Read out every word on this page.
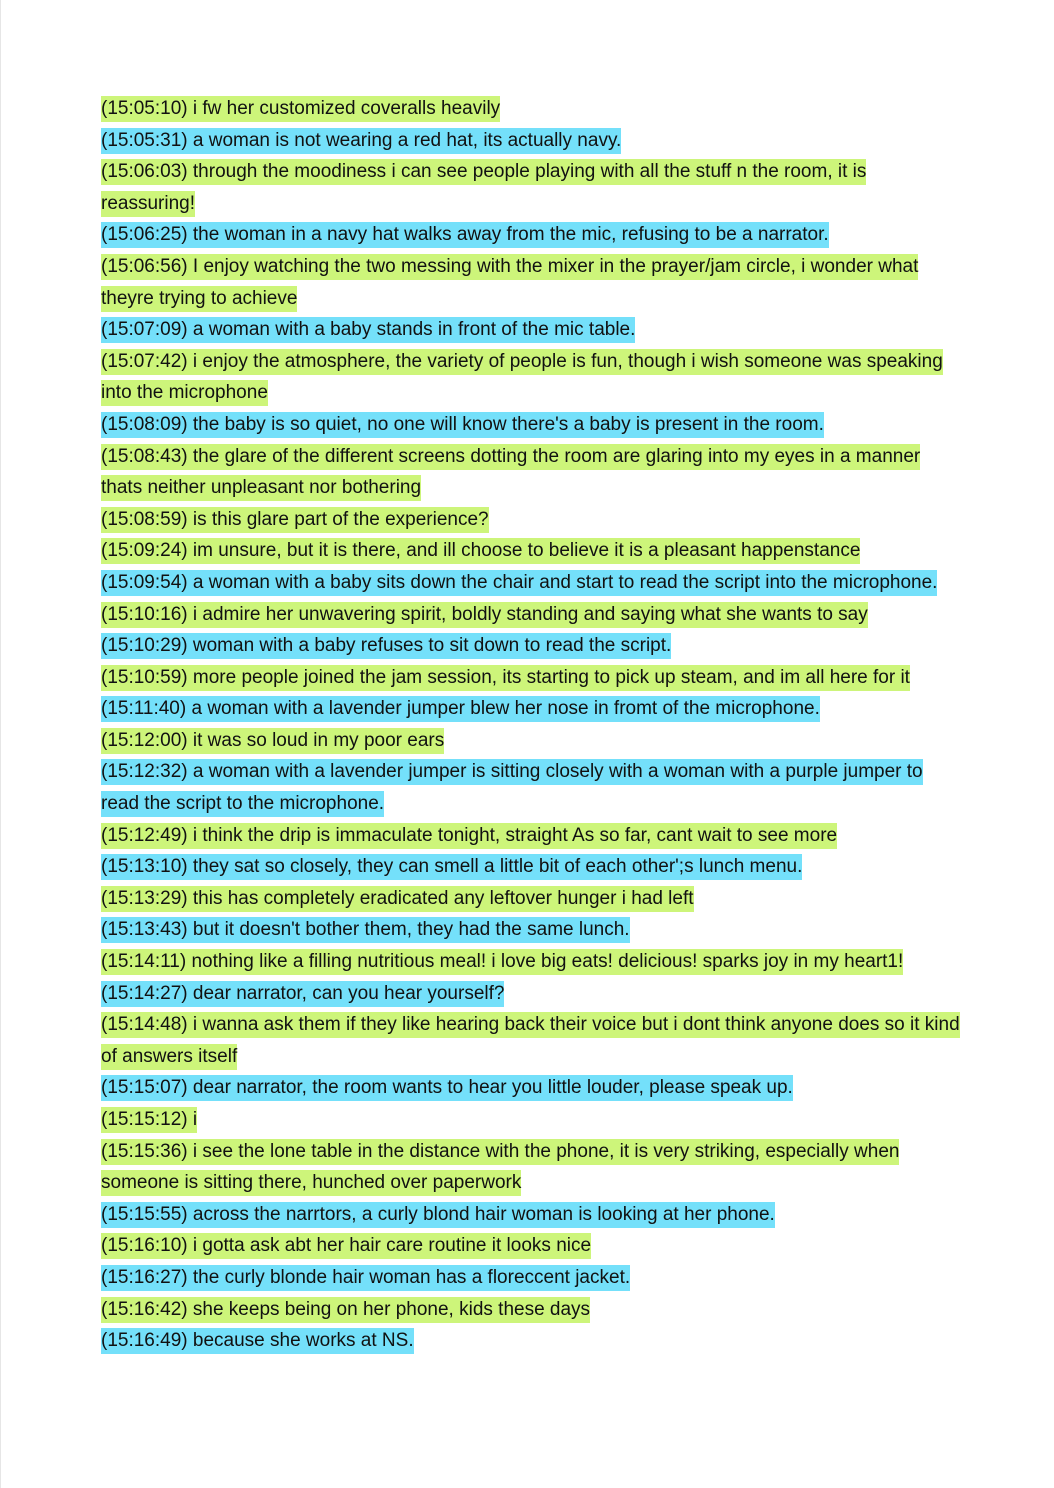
(15:05:10) i fw her customized coveralls heavily

(15:05:31) a woman is not wearing a red hat, its actually navy.

(15:06:03) through the moodiness i can see people playing with all the stuff n the room, it is reassuring!

(15:06:25) the woman in a navy hat walks away from the mic, refusing to be a narrator.

(15:06:56) I enjoy watching the two messing with the mixer in the prayer/jam circle, i wonder what theyre trying to achieve

(15:07:09) a woman with a baby stands in front of the mic table.

(15:07:42) i enjoy the atmosphere, the variety of people is fun, though i wish someone was speaking into the microphone

(15:08:09) the baby is so quiet, no one will know there's a baby is present in the room.

(15:08:43) the glare of the different screens dotting the room are glaring into my eyes in a manner thats neither unpleasant nor bothering

(15:08:59) is this glare part of the experience?

(15:09:24) im unsure, but it is there, and ill choose to believe it is a pleasant happenstance

(15:09:54) a woman with a baby sits down the chair and start to read the script into the microphone.

(15:10:16) i admire her unwavering spirit, boldly standing and saying what she wants to say

(15:10:29) woman with a baby refuses to sit down to read the script.

(15:10:59) more people joined the jam session, its starting to pick up steam, and im all here for it

(15:11:40) a woman with a lavender jumper blew her nose in fromt of the microphone.

(15:12:00) it was so loud in my poor ears

(15:12:32) a woman with a lavender jumper is sitting closely with a woman with a purple jumper to read the script to the microphone.

(15:12:49) i think the drip is immaculate tonight, straight As so far, cant wait to see more

(15:13:10) they sat so closely, they can smell a little bit of each other';s lunch menu.

(15:13:29) this has completely eradicated any leftover hunger i had left

(15:13:43) but it doesn't bother them, they had the same lunch.

(15:14:11) nothing like a filling nutritious meal! i love big eats! delicious! sparks joy in my heart1!

(15:14:27) dear narrator, can you hear yourself?

(15:14:48) i wanna ask them if they like hearing back their voice but i dont think anyone does so it kind of answers itself

(15:15:07) dear narrator, the room wants to hear you little louder, please speak up.

(15:15:12) i

(15:15:36) i see the lone table in the distance with the phone, it is very striking, especially when someone is sitting there, hunched over paperwork

(15:15:55) across the narrtors, a curly blond hair woman is looking at her phone.

(15:16:10) i gotta ask abt her hair care routine it looks nice

(15:16:27) the curly blonde hair woman has a floreccent jacket.

(15:16:42) she keeps being on her phone, kids these days

(15:16:49) because she works at NS.
